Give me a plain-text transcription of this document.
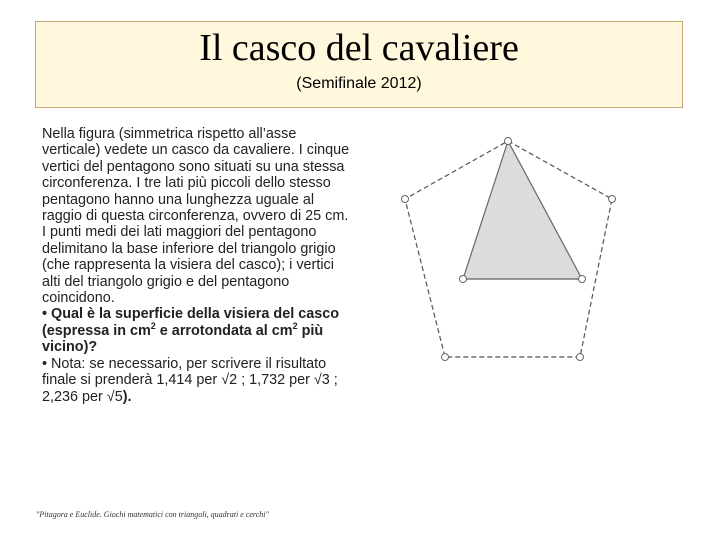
Il casco del cavaliere

(Semifinale 2012)

Nella figura (simmetrica rispetto all’asse verticale) vedete un casco da cavaliere. I cinque vertici del pentagono sono situati su una stessa circonferenza. I tre lati più piccoli dello stesso pentagono hanno una lunghezza uguale al raggio di questa circonferenza, ovvero di 25 cm. I punti medi dei lati maggiori del pentagono delimitano la base inferiore del triangolo grigio (che rappresenta la visiera del casco); i vertici alti del triangolo grigio e del pentagono coincidono.

• Qual è la superficie della visiera del casco (espressa in $cm^2$ e arrotondata al $cm^2$ più vicino)?

• Nota: se necessario, per scrivere il risultato finale si prenderà 1,414 per √2 ; 1,732 per √3 ; 2,236 per √5).

"Pitagora e Euclide. Giochi matematici con triangoli, quadrati e cerchi"
